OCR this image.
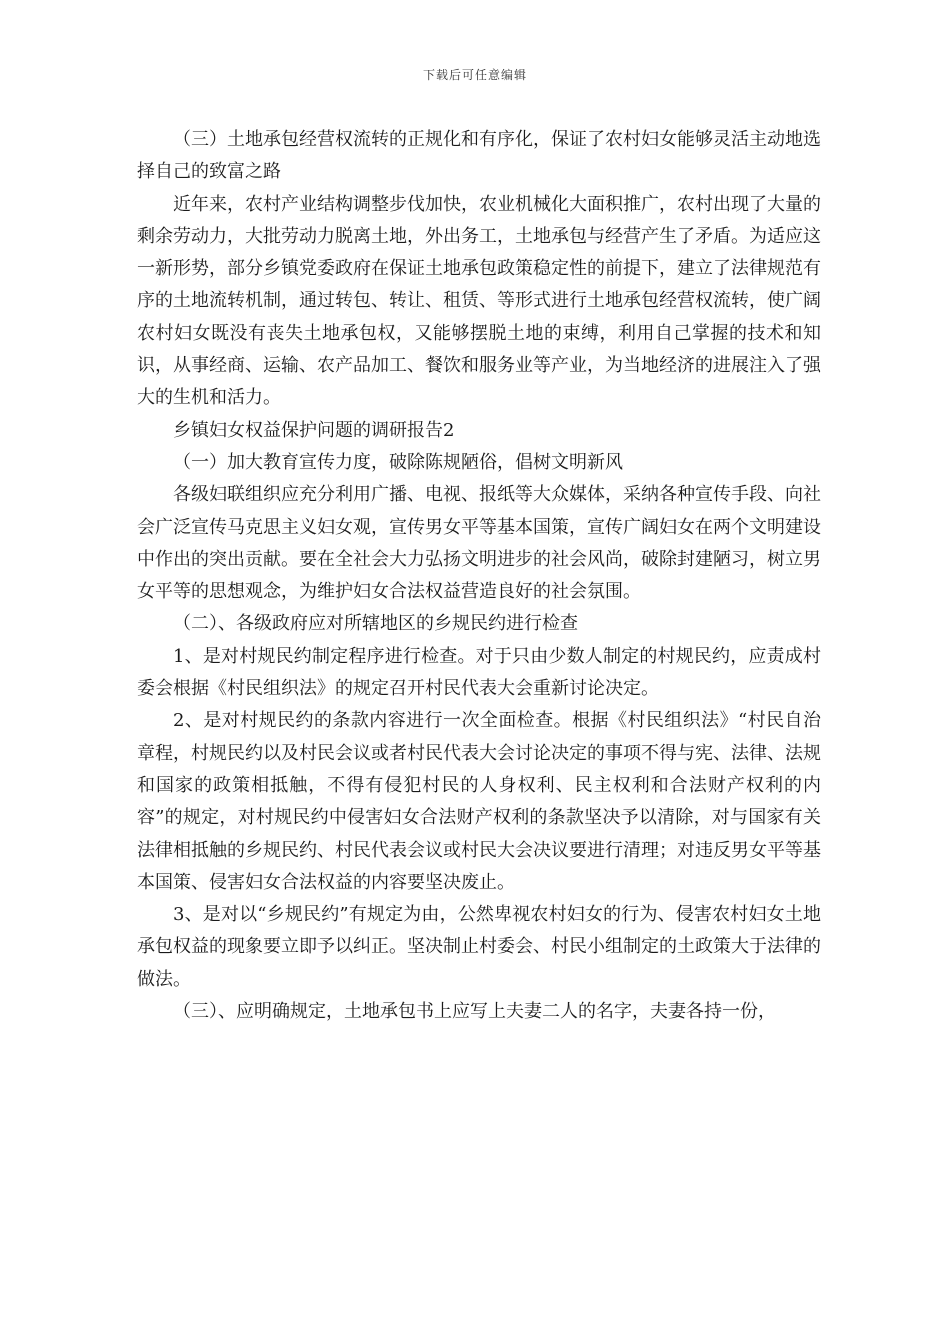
下载后可任意编辑

（三）土地承包经营权流转的正规化和有序化，保证了农村妇女能够灵活主动地选择自己的致富之路

近年来，农村产业结构调整步伐加快，农业机械化大面积推广，农村出现了大量的剩余劳动力，大批劳动力脱离土地，外出务工，土地承包与经营产生了矛盾。为适应这一新形势，部分乡镇党委政府在保证土地承包政策稳定性的前提下，建立了法律规范有序的土地流转机制，通过转包、转让、租赁、等形式进行土地承包经营权流转，使广阔农村妇女既没有丧失土地承包权，又能够摆脱土地的束缚，利用自己掌握的技术和知识，从事经商、运输、农产品加工、餐饮和服务业等产业，为当地经济的进展注入了强大的生机和活力。

乡镇妇女权益保护问题的调研报告2

（一）加大教育宣传力度，破除陈规陋俗，倡树文明新风

各级妇联组织应充分利用广播、电视、报纸等大众媒体，采纳各种宣传手段、向社会广泛宣传马克思主义妇女观，宣传男女平等基本国策，宣传广阔妇女在两个文明建设中作出的突出贡献。要在全社会大力弘扬文明进步的社会风尚，破除封建陋习，树立男女平等的思想观念，为维护妇女合法权益营造良好的社会氛围。

（二）、各级政府应对所辖地区的乡规民约进行检查

1、是对村规民约制定程序进行检查。对于只由少数人制定的村规民约，应责成村委会根据《村民组织法》的规定召开村民代表大会重新讨论决定。

2、是对村规民约的条款内容进行一次全面检查。根据《村民组织法》“村民自治章程，村规民约以及村民会议或者村民代表大会讨论决定的事项不得与宪、法律、法规和国家的政策相抵触，不得有侵犯村民的人身权利、民主权利和合法财产权利的内容”的规定，对村规民约中侵害妇女合法财产权利的条款坚决予以清除，对与国家有关法律相抵触的乡规民约、村民代表会议或村民大会决议要进行清理；对违反男女平等基本国策、侵害妇女合法权益的内容要坚决废止。

3、是对以“乡规民约”有规定为由，公然卑视农村妇女的行为、侵害农村妇女土地承包权益的现象要立即予以纠正。坚决制止村委会、村民小组制定的土政策大于法律的做法。

（三）、应明确规定，土地承包书上应写上夫妻二人的名字，夫妻各持一份，
